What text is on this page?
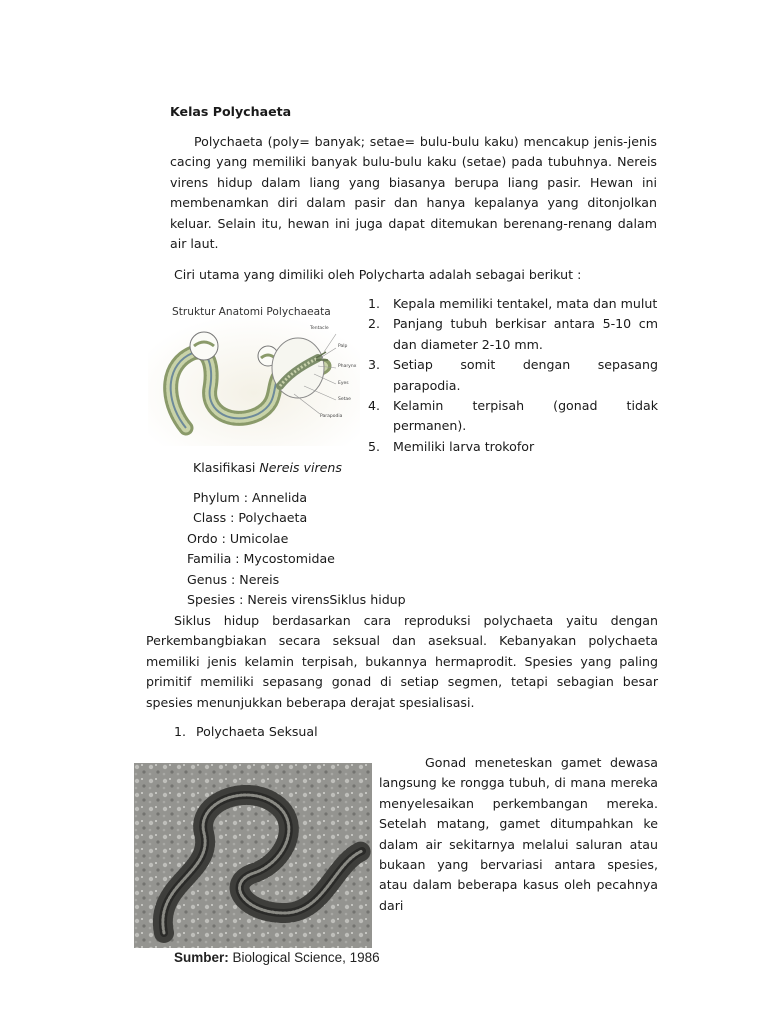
Kelas Polychaeta

Polychaeta (poly= banyak; setae= bulu-bulu kaku) mencakup jenis-jenis cacing yang memiliki banyak bulu-bulu kaku (setae) pada tubuhnya. Nereis virens hidup dalam liang yang biasanya berupa liang pasir. Hewan ini membenamkan diri dalam pasir dan hanya kepalanya yang ditonjolkan keluar. Selain itu, hewan ini juga dapat ditemukan berenang-renang dalam air laut.

Ciri utama yang dimiliki oleh Polycharta adalah sebagai berikut :
Struktur Anatomi Polychaeata
Tentacle
Palp
Pharynx
Eyes
Setae
Parapodia
1. Kepala memiliki tentakel, mata dan mulut
2. Panjang tubuh berkisar antara 5-10 cm dan diameter 2-10 mm.
3. Setiap somit dengan sepasang parapodia.
4. Kelamin terpisah (gonad tidak permanen).
5. Memiliki larva trokofor
Klasifikasi Nereis virens
Phylum : Annelida
Class : Polychaeta
Ordo : Umicolae
Familia : Mycostomidae
Genus : Nereis
Spesies : Nereis virensSiklus hidup

Siklus hidup berdasarkan cara reproduksi polychaeta yaitu dengan Perkembangbiakan secara seksual dan aseksual. Kebanyakan polychaeta memiliki jenis kelamin terpisah, bukannya hermaprodit. Spesies yang paling primitif memiliki sepasang gonad di setiap segmen, tetapi sebagian besar spesies menunjukkan beberapa derajat spesialisasi.

1. Polychaeta Seksual
Sumber: Biological Science, 1986

Gonad meneteskan gamet dewasa langsung ke rongga tubuh, di mana mereka menyelesaikan perkembangan mereka. Setelah matang, gamet ditumpahkan ke dalam air sekitarnya melalui saluran atau bukaan yang bervariasi antara spesies, atau dalam beberapa kasus oleh pecahnya dari
